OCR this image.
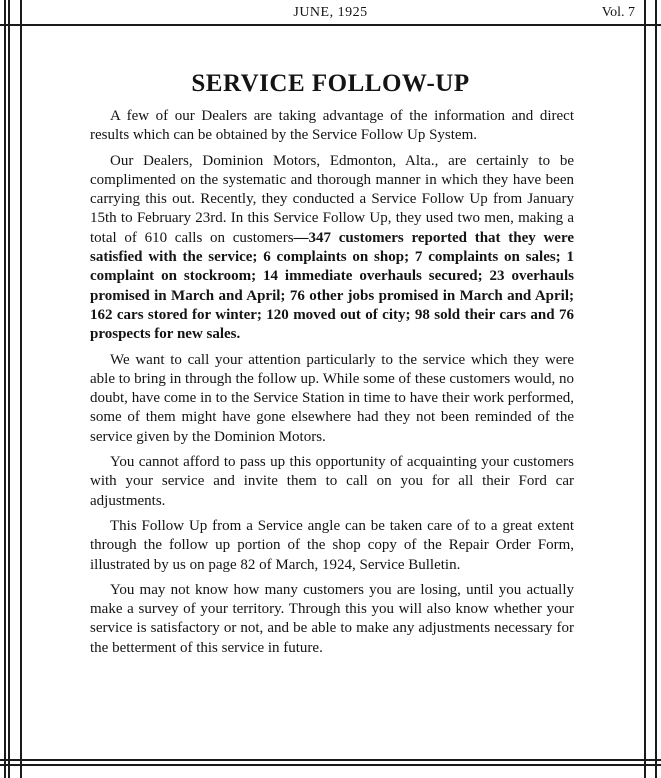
JUNE, 1925	Vol. 7
SERVICE FOLLOW-UP

A few of our Dealers are taking advantage of the information and direct results which can be obtained by the Service Follow Up System.

Our Dealers, Dominion Motors, Edmonton, Alta., are certainly to be complimented on the systematic and thorough manner in which they have been carrying this out. Recently, they conducted a Service Follow Up from January 15th to February 23rd. In this Service Follow Up, they used two men, making a total of 610 calls on customers—347 customers reported that they were satisfied with the service; 6 complaints on shop; 7 complaints on sales; 1 complaint on stockroom; 14 immediate overhauls secured; 23 overhauls promised in March and April; 76 other jobs promised in March and April; 162 cars stored for winter; 120 moved out of city; 98 sold their cars and 76 prospects for new sales.

We want to call your attention particularly to the service which they were able to bring in through the follow up. While some of these customers would, no doubt, have come in to the Service Station in time to have their work performed, some of them might have gone elsewhere had they not been reminded of the service given by the Dominion Motors.

You cannot afford to pass up this opportunity of acquainting your customers with your service and invite them to call on you for all their Ford car adjustments.

This Follow Up from a Service angle can be taken care of to a great extent through the follow up portion of the shop copy of the Repair Order Form, illustrated by us on page 82 of March, 1924, Service Bulletin.

You may not know how many customers you are losing, until you actually make a survey of your territory. Through this you will also know whether your service is satisfactory or not, and be able to make any adjustments necessary for the betterment of this service in future.
